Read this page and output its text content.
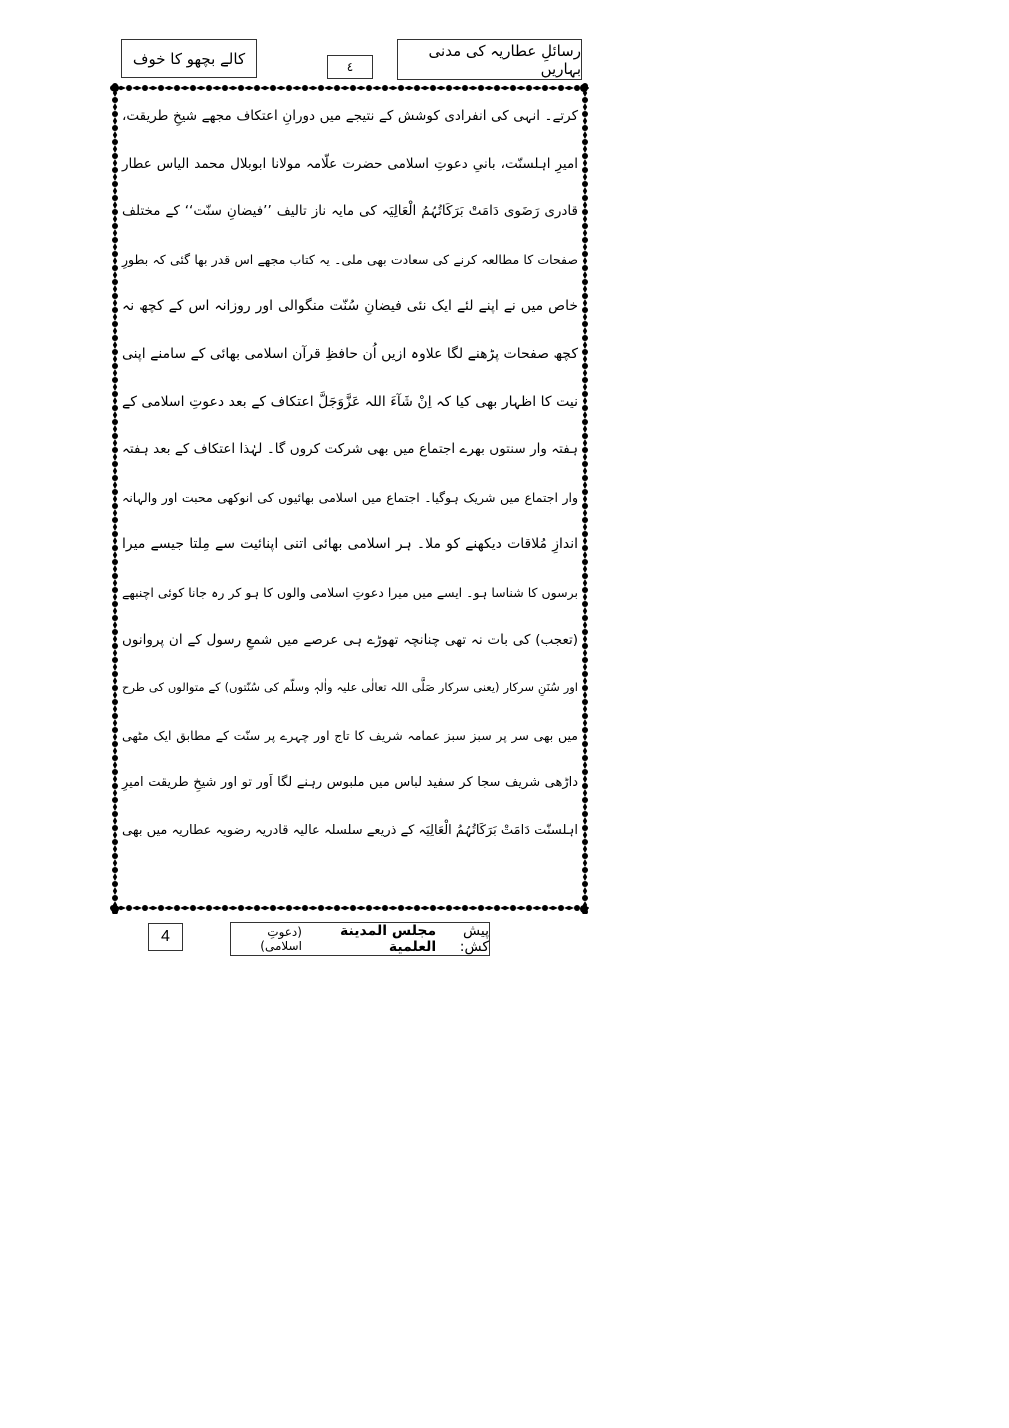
کالے بچھو کا خوف	٤
رسائلِ عطاریہ کی مدنی بہاریں
کرتے۔ انہی کی انفرادی کوشش کے نتیجے میں دورانِ اعتکاف مجھے شیخِ طریقت،
امیرِ اہلسنّت، بانیِ دعوتِ اسلامی حضرت علّامہ مولانا ابوبلال محمد الیاس عطار
قادری رَضَوی دَامَتْ بَرَکَاتُہُمُ الْعَالِیَہ کی مایہ ناز تالیف ’’فیضانِ سنّت‘‘ کے مختلف
صفحات کا مطالعہ کرنے کی سعادت بھی ملی۔ یہ کتاب مجھے اس قدر بھا گئی کہ بطورِ
خاص میں نے اپنے لئے ایک نئی فیضانِ سُنّت منگوالی اور روزانہ اس کے کچھ نہ
کچھ صفحات پڑھنے لگا علاوہ ازیں اُن حافظِ قرآن اسلامی بھائی کے سامنے اپنی
نیت کا اظہار بھی کیا کہ اِنْ شَآءَ اللہ عَزَّوَجَلَّ اعتکاف کے بعد دعوتِ اسلامی کے
ہفتہ وار سنتوں بھرے اجتماع میں بھی شرکت کروں گا۔ لہٰذا اعتکاف کے بعد ہفتہ
وار اجتماع میں شریک ہوگیا۔ اجتماع میں اسلامی بھائیوں کی انوکھی محبت اور والہانہ
اندازِ مُلاقات دیکھنے کو ملا۔ ہر اسلامی بھائی اتنی اپنائیت سے مِلتا جیسے میرا
برسوں کا شناسا ہو۔ ایسے میں میرا دعوتِ اسلامی والوں کا ہو کر رہ جانا کوئی اچنبھے
(تعجب) کی بات نہ تھی چنانچہ تھوڑے ہی عرصے میں شمعِ رسول کے ان پروانوں
اور سُنَنِ سرکار (یعنی سرکار صَلَّی اللہ تعالٰی علیہ واٰلہٖ وسلّم کی سُنّتوں) کے متوالوں کی طرح
میں بھی سر پر سبز سبز عمامہ شریف کا تاج اور چہرے پر سنّت کے مطابق ایک مٹھی
داڑھی شریف سجا کر سفید لباس میں ملبوس رہنے لگا اَور تو اور شیخِ طریقت امیرِ
اہلسنّت دَامَتْ بَرَکَاتُہُمُ الْعَالِیَہ کے ذریعے سلسلہ عالیہ قادریہ رضویہ عطاریہ میں بھی
4	پیش کش:
مجلس المدینة العلمیة
(دعوتِ اسلامی)
